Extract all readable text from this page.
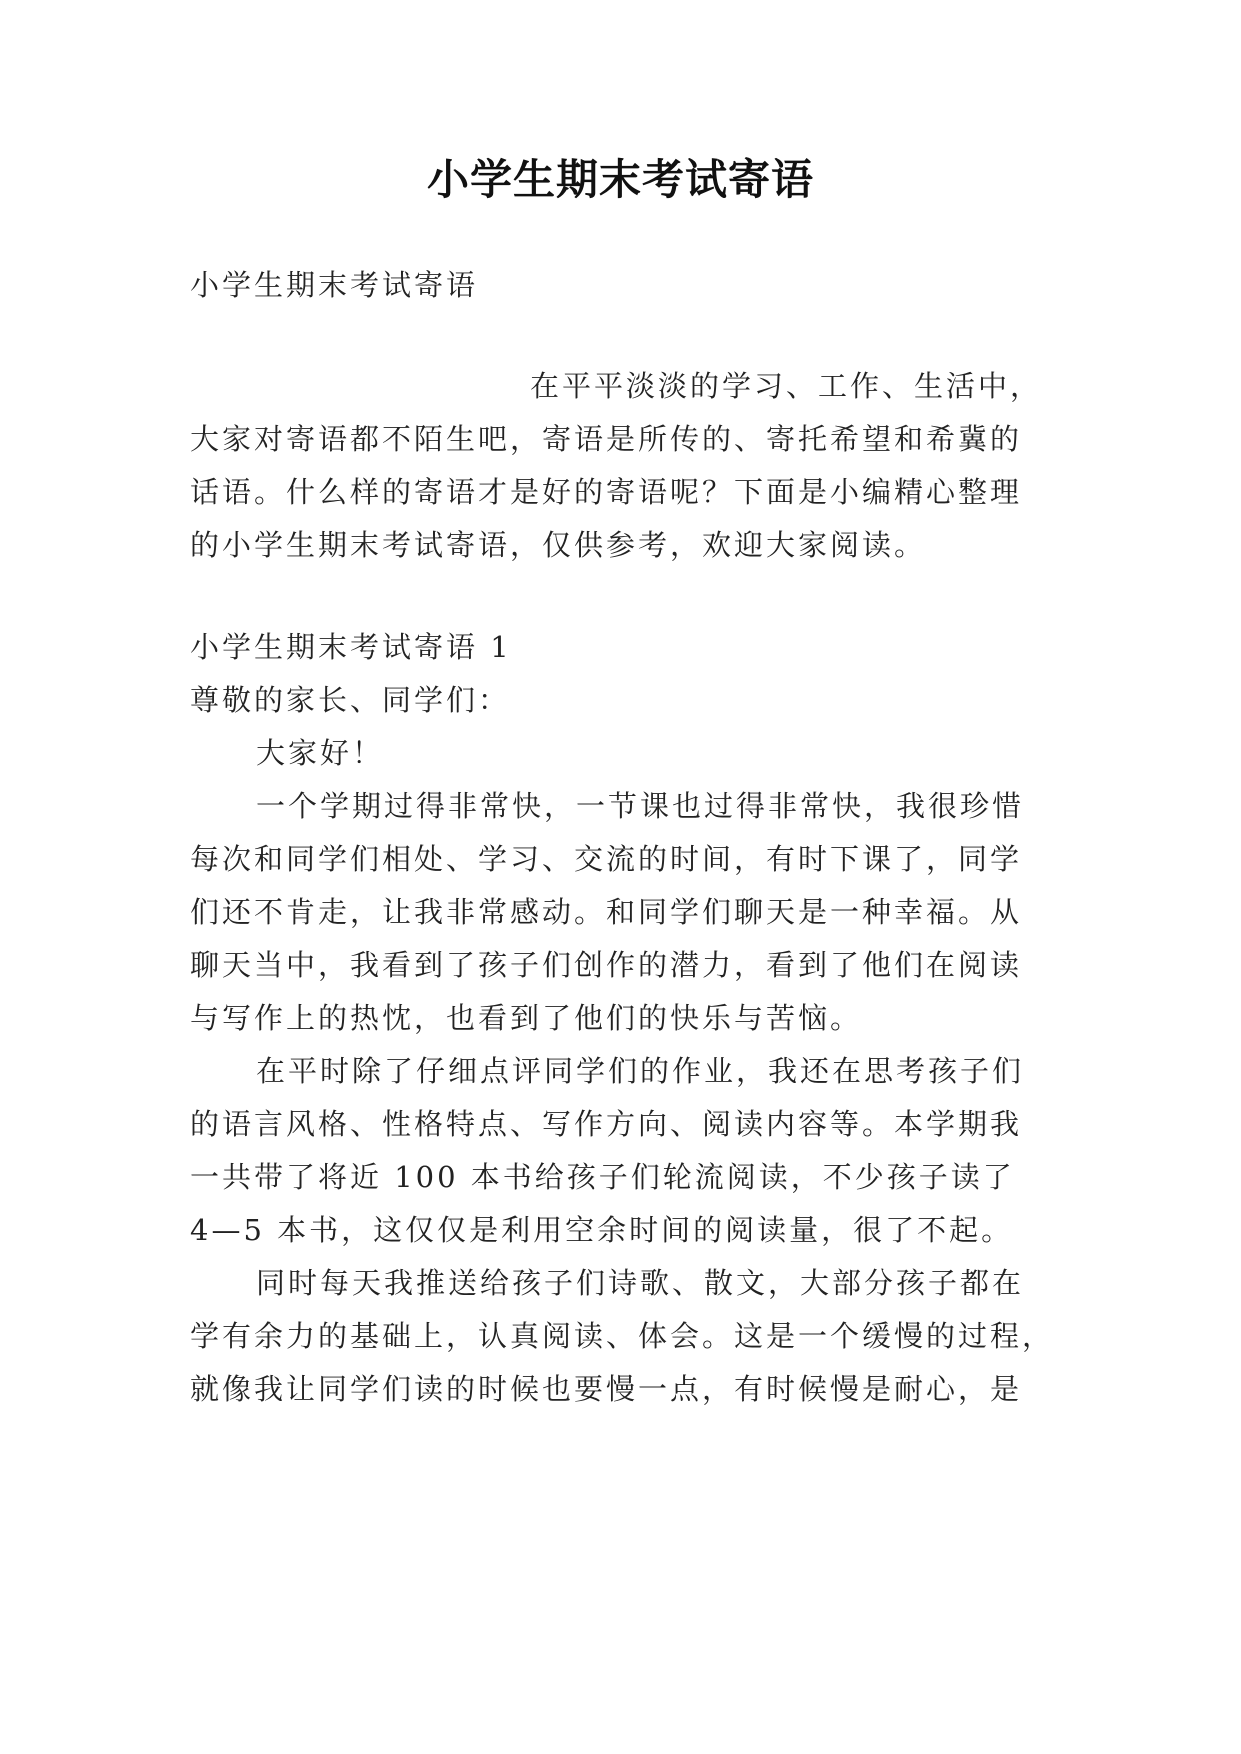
小学生期末考试寄语
小学生期末考试寄语
在平平淡淡的学习、工作、生活中，
大家对寄语都不陌生吧，寄语是所传的、寄托希望和希冀的
话语。什么样的寄语才是好的寄语呢？下面是小编精心整理
的小学生期末考试寄语，仅供参考，欢迎大家阅读。
小学生期末考试寄语 1
尊敬的家长、同学们：
大家好！
一个学期过得非常快，一节课也过得非常快，我很珍惜
每次和同学们相处、学习、交流的时间，有时下课了，同学
们还不肯走，让我非常感动。和同学们聊天是一种幸福。从
聊天当中，我看到了孩子们创作的潜力，看到了他们在阅读
与写作上的热忱，也看到了他们的快乐与苦恼。
在平时除了仔细点评同学们的作业，我还在思考孩子们
的语言风格、性格特点、写作方向、阅读内容等。本学期我
一共带了将近 100 本书给孩子们轮流阅读，不少孩子读了
4—5 本书，这仅仅是利用空余时间的阅读量，很了不起。
同时每天我推送给孩子们诗歌、散文，大部分孩子都在
学有余力的基础上，认真阅读、体会。这是一个缓慢的过程，
就像我让同学们读的时候也要慢一点，有时候慢是耐心，是
